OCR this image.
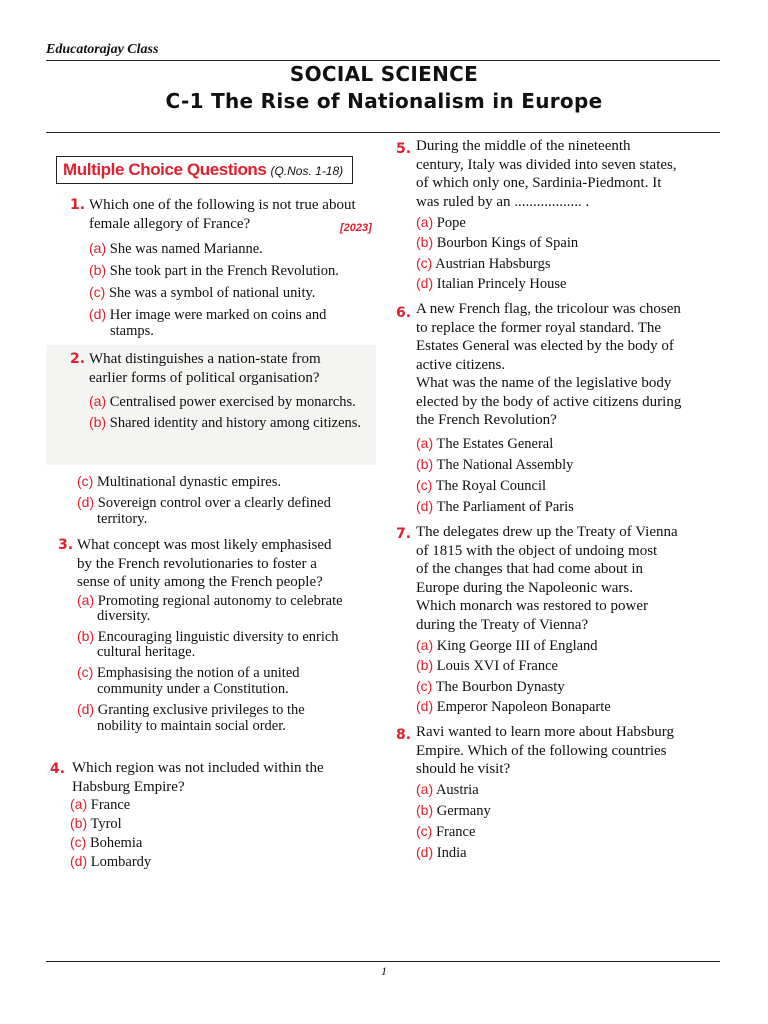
Educatorajay Class
SOCIAL SCIENCE
C-1 The Rise of Nationalism in Europe
Multiple Choice Questions (Q.Nos. 1-18)
1. Which one of the following is not true about
female allegory of France?	[2023]
(a) She was named Marianne.
(b) She took part in the French Revolution.
(c) She was a symbol of national unity.
(d) Her image were marked on coins and
stamps.
2. What distinguishes a nation-state from
earlier forms of political organisation?
(a) Centralised power exercised by monarchs.
(b) Shared identity and history among citizens.
(c) Multinational dynastic empires.
(d) Sovereign control over a clearly defined
territory.
3. What concept was most likely emphasised
by the French revolutionaries to foster a
sense of unity among the French people?
(a) Promoting regional autonomy to celebrate
diversity.
(b) Encouraging linguistic diversity to enrich
cultural heritage.
(c) Emphasising the notion of a united
community under a Constitution.
(d) Granting exclusive privileges to the
nobility to maintain social order.
4. Which region was not included within the
Habsburg Empire?
(a) France
(b) Tyrol
(c) Bohemia
(d) Lombardy
5. During the middle of the nineteenth
century, Italy was divided into seven states,
of which only one, Sardinia-Piedmont. It
was ruled by an .................. .
(a) Pope
(b) Bourbon Kings of Spain
(c) Austrian Habsburgs
(d) Italian Princely House
6. A new French flag, the tricolour was chosen
to replace the former royal standard. The
Estates General was elected by the body of
active citizens.
What was the name of the legislative body
elected by the body of active citizens during
the French Revolution?
(a) The Estates General
(b) The National Assembly
(c) The Royal Council
(d) The Parliament of Paris
7. The delegates drew up the Treaty of Vienna
of 1815 with the object of undoing most
of the changes that had come about in
Europe during the Napoleonic wars.
Which monarch was restored to power
during the Treaty of Vienna?
(a) King George III of England
(b) Louis XVI of France
(c) The Bourbon Dynasty
(d) Emperor Napoleon Bonaparte
8. Ravi wanted to learn more about Habsburg
Empire. Which of the following countries
should he visit?
(a) Austria
(b) Germany
(c) France
(d) India
1
